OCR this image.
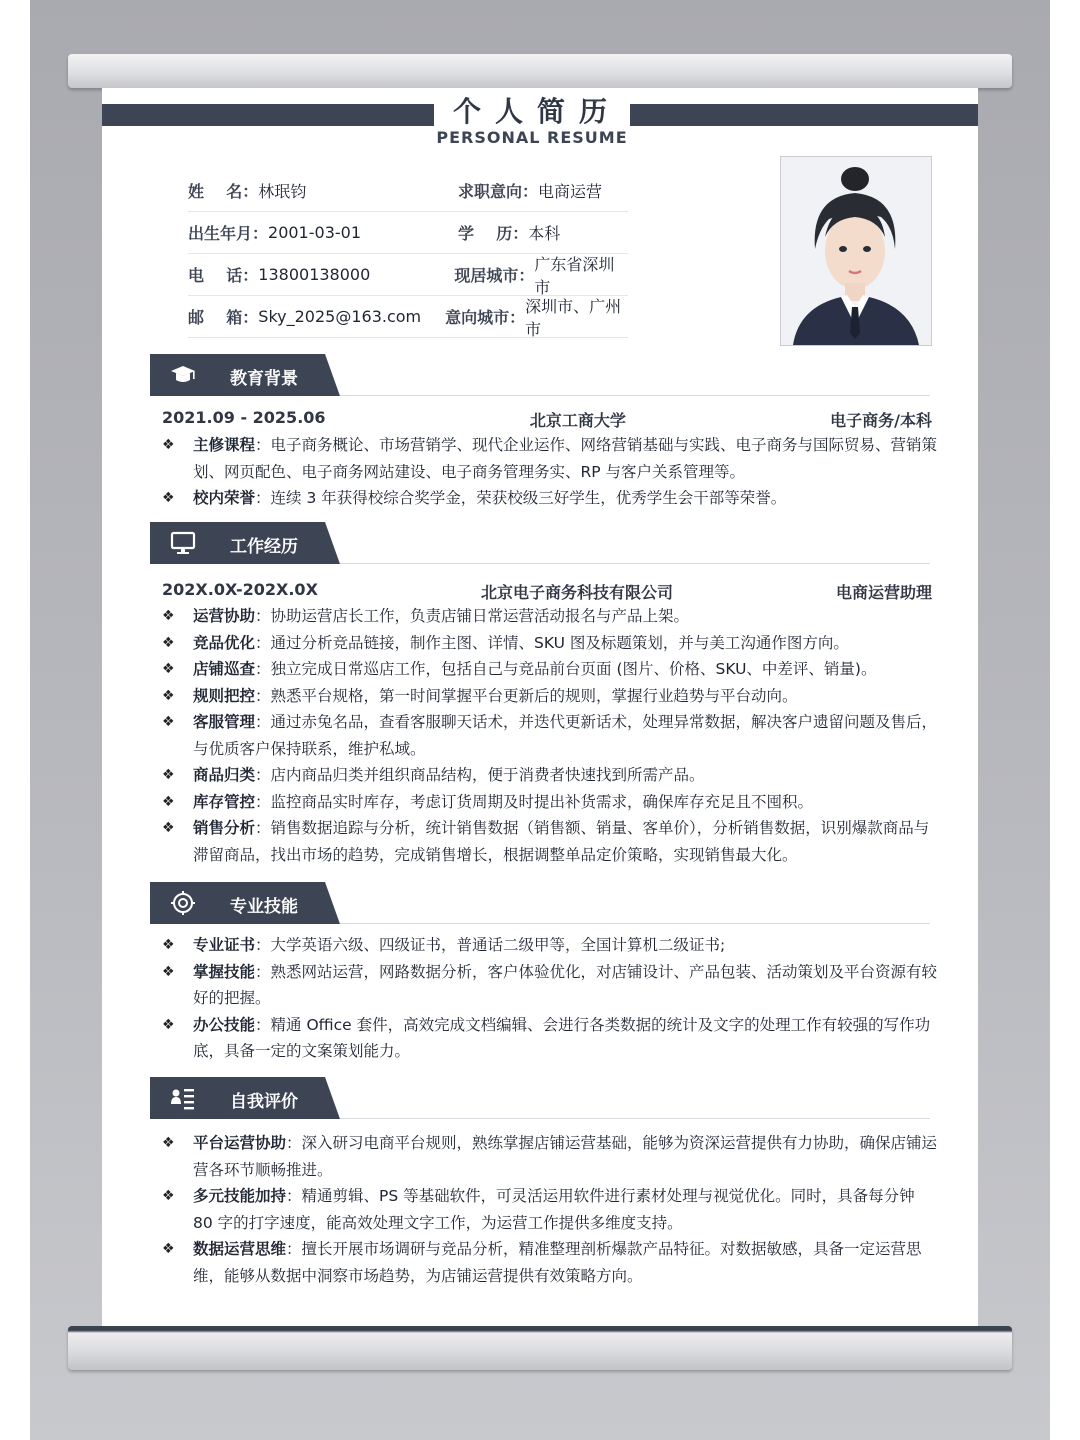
个人简历
PERSONAL RESUME
姓    名： 林珉钧	求职意向： 电商运营
出生年月： 2001-03-01	学    历： 本科
电    话： 13800138000	现居城市：
广东省深圳市
邮    箱： Sky_2025@163.com 意向城市：
深圳市、广州市
教育背景
2021.09 - 2025.06	北京工商大学	电子商务/本科
❖ 主修课程：电子商务概论、市场营销学、现代企业运作、网络营销基础与实践、电子商务与国际贸易、营销策划、网页配色、电子商务网站建设、电子商务管理务实、RP 与客户关系管理等。
❖ 校内荣誉：连续 3 年获得校综合奖学金，荣获校级三好学生，优秀学生会干部等荣誉。
工作经历
202X.0X-202X.0X	北京电子商务科技有限公司	电商运营助理
❖ 运营协助：协助运营店长工作，负责店铺日常运营活动报名与产品上架。
❖ 竞品优化：通过分析竞品链接，制作主图、详情、SKU 图及标题策划，并与美工沟通作图方向。
❖ 店铺巡查：独立完成日常巡店工作，包括自己与竞品前台页面 (图片、价格、SKU、中差评、销量)。
❖ 规则把控：熟悉平台规格，第一时间掌握平台更新后的规则，掌握行业趋势与平台动向。
❖ 客服管理：通过赤兔名品，查看客服聊天话术，并迭代更新话术，处理异常数据，解决客户遗留问题及售后，与优质客户保持联系，维护私域。
❖ 商品归类：店内商品归类并组织商品结构，便于消费者快速找到所需产品。
❖ 库存管控：监控商品实时库存，考虑订货周期及时提出补货需求，确保库存充足且不囤积。
❖ 销售分析：销售数据追踪与分析，统计销售数据（销售额、销量、客单价），分析销售数据，识别爆款商品与滞留商品，找出市场的趋势，完成销售增长，根据调整单品定价策略，实现销售最大化。
专业技能
❖ 专业证书：大学英语六级、四级证书，普通话二级甲等，全国计算机二级证书;
❖ 掌握技能：熟悉网站运营，网路数据分析，客户体验优化，对店铺设计、产品包装、活动策划及平台资源有较好的把握。
❖ 办公技能：精通 Office 套件，高效完成文档编辑、会进行各类数据的统计及文字的处理工作有较强的写作功底，具备一定的文案策划能力。
自我评价
❖ 平台运营协助：深入研习电商平台规则，熟练掌握店铺运营基础，能够为资深运营提供有力协助，确保店铺运营各环节顺畅推进。
❖ 多元技能加持：精通剪辑、PS 等基础软件，可灵活运用软件进行素材处理与视觉优化。同时，具备每分钟 80 字的打字速度，能高效处理文字工作，为运营工作提供多维度支持。
❖ 数据运营思维：擅长开展市场调研与竞品分析，精准整理剖析爆款产品特征。对数据敏感，具备一定运营思维，能够从数据中洞察市场趋势，为店铺运营提供有效策略方向。
